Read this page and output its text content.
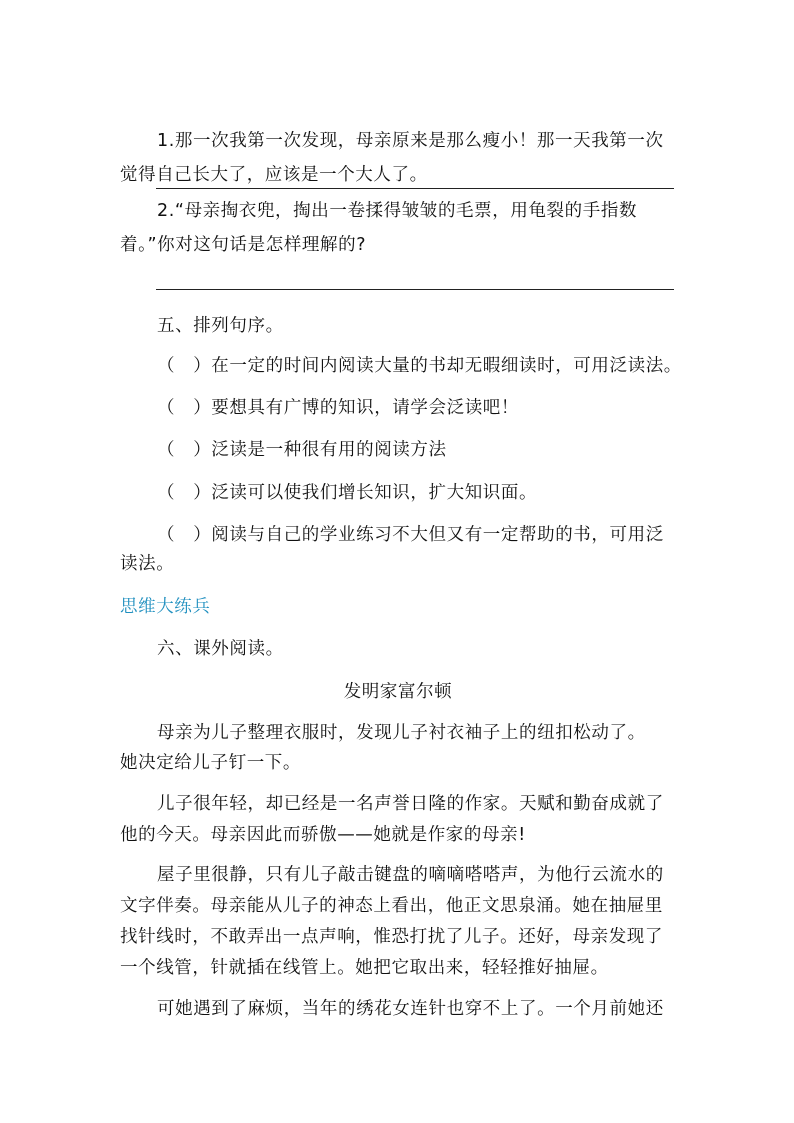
1.那一次我第一次发现，母亲原来是那么瘦小！那一天我第一次
觉得自己长大了，应该是一个大人了。
2.“母亲掏衣兜，掏出一卷揉得皱皱的毛票，用龟裂的手指数
着。”你对这句话是怎样理解的?
五、排列句序。
（　）在一定的时间内阅读大量的书却无暇细读时，可用泛读法。
（　）要想具有广博的知识，请学会泛读吧！
（　）泛读是一种很有用的阅读方法
（　）泛读可以使我们增长知识，扩大知识面。
（　）阅读与自己的学业练习不大但又有一定帮助的书，可用泛
读法。
思维大练兵
六、课外阅读。
发明家富尔顿
母亲为儿子整理衣服时，发现儿子衬衣袖子上的纽扣松动了。
她决定给儿子钉一下。
儿子很年轻，却已经是一名声誉日隆的作家。天赋和勤奋成就了
他的今天。母亲因此而骄傲——她就是作家的母亲!
屋子里很静，只有儿子敲击键盘的嘀嘀嗒嗒声，为他行云流水的
文字伴奏。母亲能从儿子的神态上看出，他正文思泉涌。她在抽屉里
找针线时，不敢弄出一点声响，惟恐打扰了儿子。还好，母亲发现了
一个线管，针就插在线管上。她把它取出来，轻轻推好抽屉。
可她遇到了麻烦，当年的绣花女连针也穿不上了。一个月前她还
